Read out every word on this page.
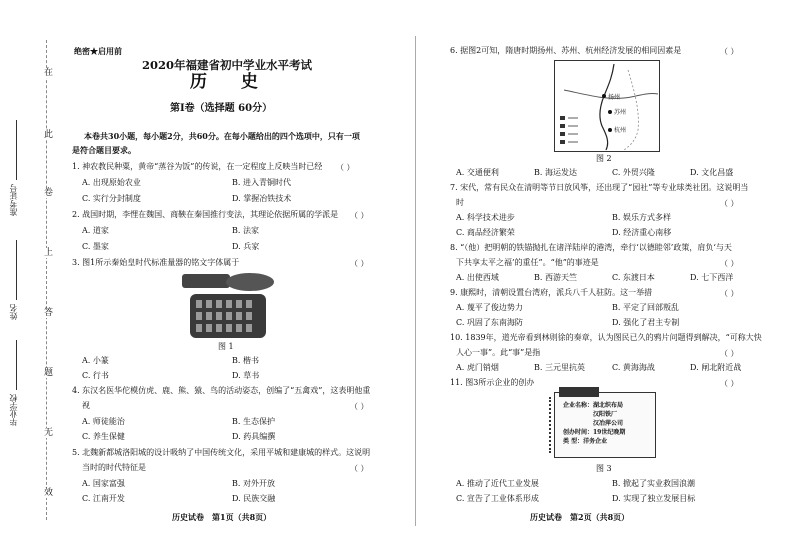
在
此
卷
上
答
题
无
效
准考证号
姓名
毕业学校
绝密★启用前
2020年福建省初中学业水平考试
历 史
第Ⅰ卷（选择题 60分）
本卷共30小题，每小题2分，共60分。在每小题给出的四个选项中，只有一项
是符合题目要求。
1. 神农教民种粟，黄帝“蒸谷为饭”的传说，在一定程度上反映当时已经 （ ）
A. 出现原始农业	B. 进入青铜时代
C. 实行分封制度	D. 掌握冶铁技术
2. 战国时期，李悝在魏国、商鞅在秦国推行变法，其理论依据所属的学派是 （ ）
A. 道家	B. 法家
C. 墨家	D. 兵家
3. 图1所示秦始皇时代标准量器的铭文字体属于	（ ）
图 1
A. 小篆	B. 楷书
C. 行书	D. 草书
4. 东汉名医华佗模仿虎、鹿、熊、猿、鸟的活动姿态，创编了“五禽戏”，这表明他重
视	（ ）
A. 师徒能治	B. 生态保护
C. 养生保健	D. 药具编撰
5. 北魏新都城洛阳城的设计吸纳了中国传统文化，采用平城和建康城的样式。这说明
当时的时代特征是	（ ）
A. 国家富强	B. 对外开放
C. 江南开发	D. 民族交融
历史试卷　第1页（共8页）
6. 据图2可知，隋唐时期扬州、苏州、杭州经济发展的相同因素是	（ ）
扬州
苏州
杭州
图 2
A. 交通便利	B. 海运发达	C. 外贸兴隆	D. 文化昌盛
7. 宋代，常有民众在清明等节日放风筝，还出现了“园社”等专业球类社团。这说明当
时	（ ）
A. 科学技术进步	B. 娱乐方式多样
C. 商品经济繁荣	D. 经济重心南移
8. “（他）把明朝的铁锚抛扎在诸洋陆岸的港湾，牵行‘以德睦邻’政策，肩负‘与天
下共享太平之福’的重任”。“他”的事迹是	（ ）
A. 出使西域	B. 西游天竺	C. 东渡日本	D. 七下西洋
9. 康熙时，清朝设置台湾府，派兵八千人驻防。这一举措	（ ）
A. 蔑平了俊边势力	B. 平定了回部叛乱
C. 巩固了东南海防	D. 强化了君主专制
10. 1839年，道光帝看到林则徐的奏章，认为图民已久的鸦片问题得到解决，“可称大快
人心一事”。此“事”是指	（ ）
A. 虎门销烟	B. 三元里抗英	C. 黄海海战	D. 闸北附近战
11. 图3所示企业的创办	（ ）
企业名称：湖北织布局
汉阳铁厂
汉冶萍公司
创办时间：19世纪晚期
类 型：洋务企业
图 3
A. 推动了近代工业发展	B. 掀起了实业救国浪潮
C. 宣告了工业体系形成	D. 实现了独立发展目标
历史试卷　第2页（共8页）
